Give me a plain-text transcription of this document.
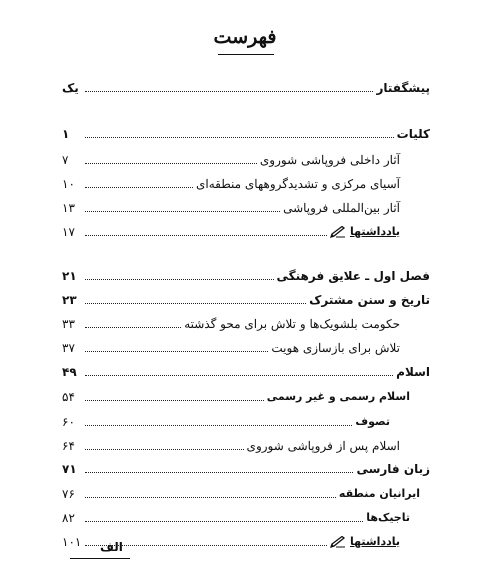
فهرست
پیشگفتار
یک
کلیات
۱
آثار داخلی فروپاشی شوروی
۷
آسیای مرکزی و تشدیدگروههای منطقه‌ای
۱۰
آثار بین‌المللی فروپاشی
۱۳
یادداشتها
۱۷
فصل اول ـ علایق فرهنگی
۲۱
تاریخ و سنن مشترک
۲۳
حکومت بلشویک‌ها و تلاش برای محو گذشته
۳۳
تلاش برای بازسازی هویت
۳۷
اسلام
۴۹
اسلام رسمی و غیر رسمی
۵۴
تصوف
۶۰
اسلام پس از فروپاشی شوروی
۶۴
زبان فارسی
۷۱
ایرانیان منطقه
۷۶
تاجیک‌ها
۸۲
یادداشتها
۱۰۱	الف
